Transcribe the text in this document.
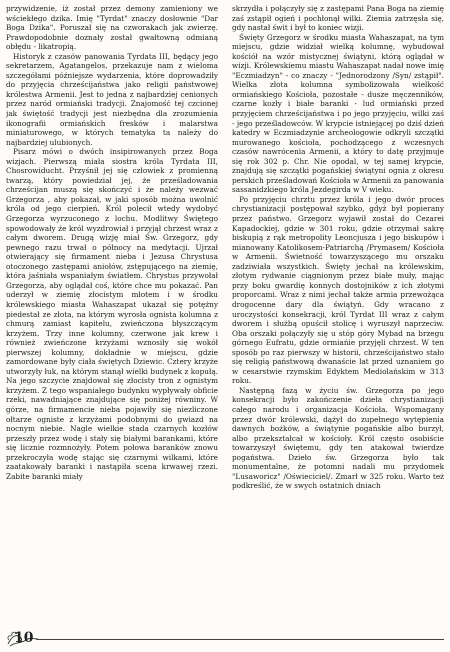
przywidzenie, iż został przez demony zamieniony we wściekłego dzika. Imię "Tyrdat" znaczy dosłownie "Dar Boga Dzika". Poruszał się na czworakach jak zwierzę. Prawdopodobnie doznały został gwałtowną odmianą obłędu - likatropią.

Historyk z czasów panowania Tyrdata III, będący jego sekretarzem, Agatangelos, przekazuje nam z wieloma szczegółami późniejsze wydarzenia, które doprowadziły do przyjęcia chrześcijaństwa jako religii państwowej królestwa Armenii. Jest to jedna z najbardziej cenionych przez naród ormiański tradycji. Znajomość tej czcionej jak świętość tradycji jest niezbędna dla zrozumienia ikonografii ormiańskich fresków i malarstwa miniaturowego, w których tematyka ta należy do najbardziej ulubionych.

Pisarz mówi o dwóch insipirowanych przez Boga wizjach. Pierwszą miała siostra króla Tyrdata III, Chosrowiducht. Przyśnił jej się człowiek z promienną twarzą, który powiedział jej, że prześladowania chrześcijan muszą się skończyć i że należy wezwać Grzegorza , aby pokazał, w jaki sposób można uwolnić króla od jego cierpień. Król polecił wtedy wydobyć Grzegorza wyrzuconego z lochu. Modlitwy Świętego spowodowały że król wyzdrowiał i przyjął chrzest wraz z całym dworem. Drugą wizję miał Św. Grzegorz, gdy pewnego razu trwał o północy na medytacji. Ujrzał otwierający się firmament nieba i Jezusa Chrystusa otoczonego zastępami aniołów, zstępującego na ziemię, która jaśniała wspaniałym światłem. Chrystus przywołał Grzegorza, aby oglądał coś, które chce mu pokazać. Pan uderzył w ziemię złocistym młotem i w środku królewskiego miasta Wahaszapat ukazał się potężny piedestał ze złota, na którym wyrosła ognista kolumna z chmurą zamiast kapitelu, zwieńczona błyszczącym krzyżem. Trzy inne kolumny, czerwone jak krew i również zwieńczone krzyżami wznosiły się wokół pierwszej kolumny, dokładnie w miejscu, gdzie zamordowane były ciała świętych Dziewic. Cztery krzyże utworzyły łuk, na którym stanął wielki budynek z kopułą. Na jego szczycie znajdował się złocisty tron z ognistym krzyżem. Z tego wspaniałego budynku wypływały obficie rzeki, nawadniające znajdujące się poniżej równiny. W górze, na firmamencie nieba pojawiły się niezliczone ołtarze ogniste z krzyżami podobnymi do gwiazd na nocnym niebie. Nagle wielkie stada czarnych kozłów przeszły przez wodę i stały się białymi barankami, które się licznie rozmnożyły. Potem połowa baranków znowu przekroczyła wodę stając się czarnymi wilkami, które zaatakowały baranki i nastąpiła scena krwawej rzezi. Zabite baranki miały

skrzydła i połączyły się z zastępami Pana Boga na ziemię zaś zstąpił ogień i pochłonął wilki. Ziemia zatrzęsła się, gdy nastał świt i był to koniec wizji.

Święty Grzegorz w środku miasta Wahaszapat, na tym miejscu, gdzie widział wielką kolumnę, wybudował kościół na wzór mistycznej świątyni, którą oglądał w wizji. Królewskiemu miastu Wahaszapat nadał nowe imię "Eczmiadzyn" - co znaczy - "Jednorodzony /Syn/ zstąpił". Wielka złota kolumna symbolizowała wielkość ormiańskiego Kościoła, pozostałe - dusze męczenników, czarne kozły i białe baranki - lud ormiański przed przyjęciem chrześcijaństwa i po jego przyjęciu, wilki zaś - jego prześladowców. W krypcie istniejącej po dziś dzień katedry w Eczmiadzynie archeologowie odkryli szczątki murowanego kościoła, pochodzącego z wczesnych czasów nawrócenia Armenii, a który to datę przyjmuje się rok 302 p. Chr. Nie opodal, w tej samej krypcie, znajdują się szczątki pogańskiej świątyni ognia z okresu perskich prześladowań Kościoła w Armenii za panowania sassanidzkiego króla Jezdegirda w V wieku.

Po przyjęciu chrztu przez króla i jego dwór proces chrystianizacji postępował szybko, gdyż był popierany przez państwo. Grzegorz wyjawił został do Cezarei Kapadockiej, gdzie w 301 roku, gdzie otrzymał sakrę biskupią z rąk metropolity Leoncjusza i jego biskupów i mianowany Katolikosem-Patriarchą /Prymasem/ Kościoła w Armenii. Świetność towarzyszącego mu orszaku zadziwiała wszystkich. Święty jechał na królewskim, złotym rydwanie ciągnionym przez białe muły, mając przy boku gwardię konnych dostojników z ich złotymi proporcami. Wraz z nimi jechał także armia przewożąca drogocenne dary dla świątyń. Gdy wracano z uroczystości konsekracji, król Tyrdat III wraz z całym dworem i służbą opuścił stolicę i wyruszył naprzeciw. Oba orszaki połączyły się u stóp góry Mybad na brzegu górnego Eufratu, gdzie ormiańie przyjęli chrzest. W ten sposób po raz pierwszy w historii, chrześcijaństwo stało się religią państwową dwanaście lat przed uznaniem go w cesarstwie rzymskim Edyktem Mediolańskim w 313 roku.

Następną fazą w życiu św. Grzegorza po jego konsekracji było zakończenie dzieła chrystianizacji całego narodu i organizacja Kościoła. Wspomagany przez dwór królewski, dążył do zupełnego wytępienia dawnych bożków, a świątynie pogańskie albo burzył, albo przekształcał w kościoły. Król często osobiście towarzyszył świętemu, gdy ten atakował twierdze pogaństwa. Dzieło św. Grzegorza było tak monumentalne, że potomni nadali mu przydomek "Lusaworicz" /Oświeciciel/. Zmarł w 325 roku. Warto też podkreślić, że w swych ostatnich dniach

10
